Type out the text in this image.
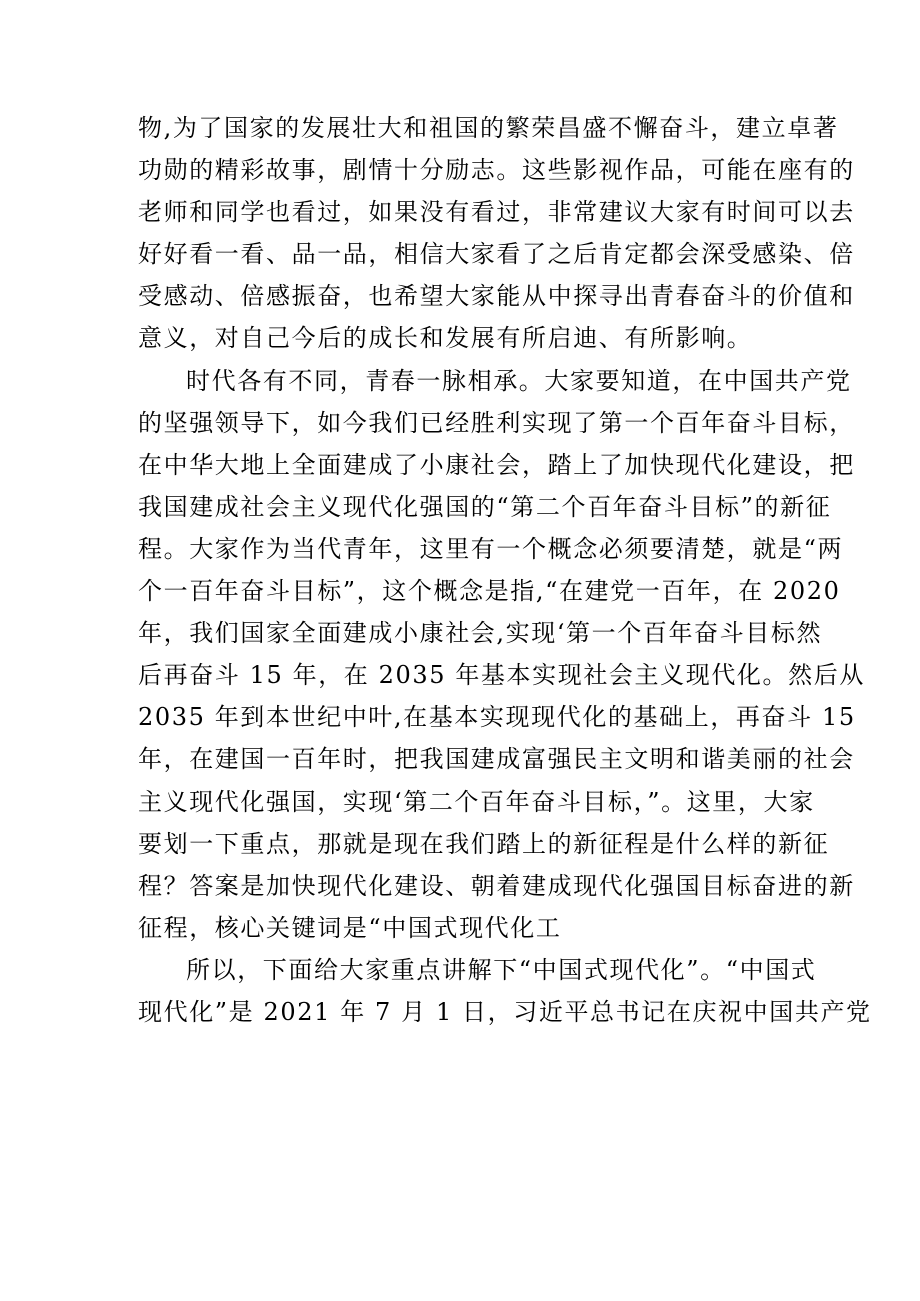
物,为了国家的发展壮大和祖国的繁荣昌盛不懈奋斗，建立卓著
功勋的精彩故事，剧情十分励志。这些影视作品，可能在座有的
老师和同学也看过，如果没有看过，非常建议大家有时间可以去
好好看一看、品一品，相信大家看了之后肯定都会深受感染、倍
受感动、倍感振奋，也希望大家能从中探寻出青春奋斗的价值和
意义，对自己今后的成长和发展有所启迪、有所影响。
时代各有不同，青春一脉相承。大家要知道，在中国共产党
的坚强领导下，如今我们已经胜利实现了第一个百年奋斗目标，
在中华大地上全面建成了小康社会，踏上了加快现代化建设，把
我国建成社会主义现代化强国的“第二个百年奋斗目标”的新征
程。大家作为当代青年，这里有一个概念必须要清楚，就是“两
个一百年奋斗目标”，这个概念是指,“在建党一百年，在 2020
年，我们国家全面建成小康社会,实现‘第一个百年奋斗目标然
后再奋斗 15 年，在 2035 年基本实现社会主义现代化。然后从
2035 年到本世纪中叶,在基本实现现代化的基础上，再奋斗 15
年，在建国一百年时，把我国建成富强民主文明和谐美丽的社会
主义现代化强国，实现‘第二个百年奋斗目标，”。这里，大家
要划一下重点，那就是现在我们踏上的新征程是什么样的新征
程？答案是加快现代化建设、朝着建成现代化强国目标奋进的新
征程，核心关键词是“中国式现代化工
所以，下面给大家重点讲解下“中国式现代化”。“中国式
现代化”是 2021 年 7 月 1 日，习近平总书记在庆祝中国共产党
